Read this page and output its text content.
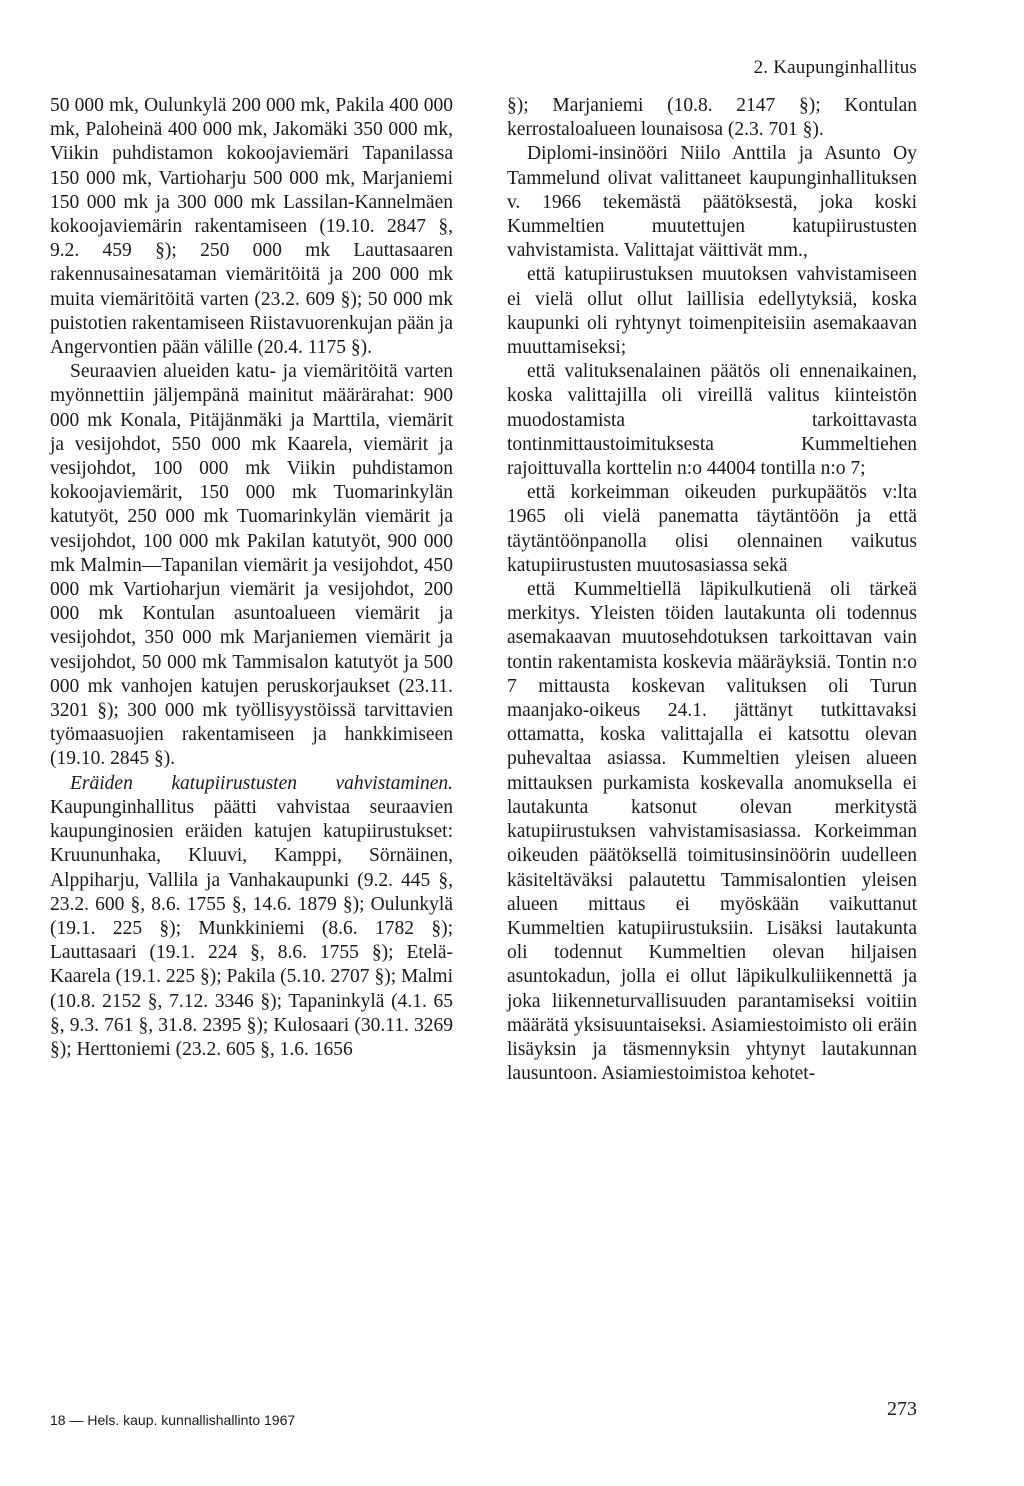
2. Kaupunginhallitus

50 000 mk, Oulunkylä 200 000 mk, Pakila 400 000 mk, Paloheinä 400 000 mk, Jakomäki 350 000 mk, Viikin puhdistamon kokoojaviemäri Tapanilassa 150 000 mk, Vartioharju 500 000 mk, Marjaniemi 150 000 mk ja 300 000 mk Lassilan-Kannelmäen kokoojaviemärin rakentamiseen (19.10. 2847 §, 9.2. 459 §); 250 000 mk Lauttasaaren rakennusainesataman viemäritöitä ja 200 000 mk muita viemäritöitä varten (23.2. 609 §); 50 000 mk puistotien rakentamiseen Riistavuorenkujan pään ja Angervontien pään välille (20.4. 1175 §).

Seuraavien alueiden katu- ja viemäritöitä varten myönnettiin jäljempänä mainitut määrärahat: 900 000 mk Konala, Pitäjänmäki ja Marttila, viemärit ja vesijohdot, 550 000 mk Kaarela, viemärit ja vesijohdot, 100 000 mk Viikin puhdistamon kokoojaviemärit, 150 000 mk Tuomarinkylän katutyöt, 250 000 mk Tuomarinkylän viemärit ja vesijohdot, 100 000 mk Pakilan katutyöt, 900 000 mk Malmin—Tapanilan viemärit ja vesijohdot, 450 000 mk Vartioharjun viemärit ja vesijohdot, 200 000 mk Kontulan asuntoalueen viemärit ja vesijohdot, 350 000 mk Marjaniemen viemärit ja vesijohdot, 50 000 mk Tammisalon katutyöt ja 500 000 mk vanhojen katujen peruskorjaukset (23.11. 3201 §); 300 000 mk työllisyystöissä tarvittavien työmaasuojien rakentamiseen ja hankkimiseen (19.10. 2845 §).

Eräiden katupiirustusten vahvistaminen. Kaupunginhallitus päätti vahvistaa seuraavien kaupunginosien eräiden katujen katupiirustukset: Kruununhaka, Kluuvi, Kamppi, Sörnäinen, Alppiharju, Vallila ja Vanhakaupunki (9.2. 445 §, 23.2. 600 §, 8.6. 1755 §, 14.6. 1879 §); Oulunkylä (19.1. 225 §); Munkkiniemi (8.6. 1782 §); Lauttasaari (19.1. 224 §, 8.6. 1755 §); Etelä-Kaarela (19.1. 225 §); Pakila (5.10. 2707 §); Malmi (10.8. 2152 §, 7.12. 3346 §); Tapaninkylä (4.1. 65 §, 9.3. 761 §, 31.8. 2395 §); Kulosaari (30.11. 3269 §); Herttoniemi (23.2. 605 §, 1.6. 1656

§); Marjaniemi (10.8. 2147 §); Kontulan kerrostaloalueen lounaisosa (2.3. 701 §).

Diplomi-insinööri Niilo Anttila ja Asunto Oy Tammelund olivat valittaneet kaupunginhallituksen v. 1966 tekemästä päätöksestä, joka koski Kummeltien muutettujen katupiirustusten vahvistamista. Valittajat väittivät mm.,

että katupiirustuksen muutoksen vahvistamiseen ei vielä ollut ollut laillisia edellytyksiä, koska kaupunki oli ryhtynyt toimenpiteisiin asemakaavan muuttamiseksi;

että valituksenalainen päätös oli ennenaikainen, koska valittajilla oli vireillä valitus kiinteistön muodostamista tarkoittavasta tontinmittaustoimituksesta Kummeltiehen rajoittuvalla korttelin n:o 44004 tontilla n:o 7;

että korkeimman oikeuden purkupäätös v:lta 1965 oli vielä panematta täytäntöön ja että täytäntöönpanolla olisi olennainen vaikutus katupiirustusten muutosasiassa sekä

että Kummeltiellä läpikulkutienä oli tärkeä merkitys. Yleisten töiden lautakunta oli todennus asemakaavan muutosehdotuksen tarkoittavan vain tontin rakentamista koskevia määräyksiä. Tontin n:o 7 mittausta koskevan valituksen oli Turun maanjako-oikeus 24.1. jättänyt tutkittavaksi ottamatta, koska valittajalla ei katsottu olevan puhevaltaa asiassa. Kummeltien yleisen alueen mittauksen purkamista koskevalla anomuksella ei lautakunta katsonut olevan merkitystä katupiirustuksen vahvistamisasiassa. Korkeimman oikeuden päätöksellä toimitusinsinöörin uudelleen käsiteltäväksi palautettu Tammisalontien yleisen alueen mittaus ei myöskään vaikuttanut Kummeltien katupiirustuksiin. Lisäksi lautakunta oli todennut Kummeltien olevan hiljaisen asuntokadun, jolla ei ollut läpikulkuliikennettä ja joka liikenneturvallisuuden parantamiseksi voitiin määrätä yksisuuntaiseksi. Asiamiestoimisto oli eräin lisäyksin ja täsmennyksin yhtynyt lautakunnan lausuntoon. Asiamiestoimistoa kehotet-

18 — Hels. kaup. kunnallishallinto 1967	273
